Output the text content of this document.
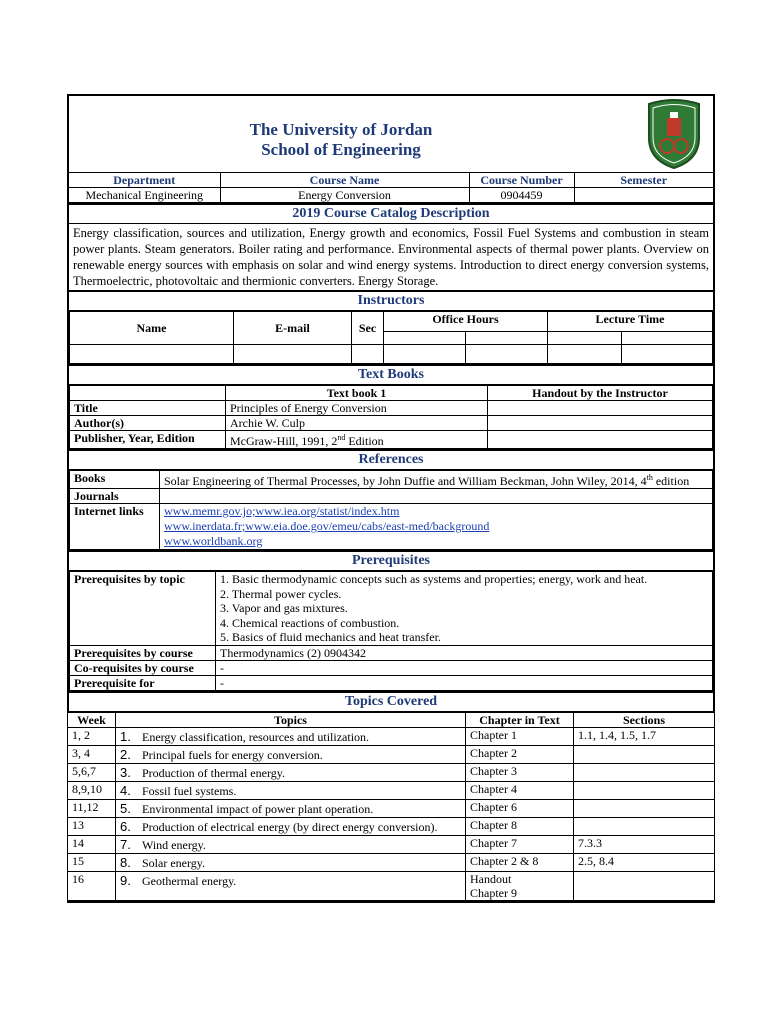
The University of Jordan
School of Engineering
Department	Course Name	Course Number	Semester
Mechanical Engineering	Energy Conversion	0904459	
2019 Course Catalog Description
Energy classification, sources and utilization, Energy growth and economics, Fossil Fuel Systems and combustion in steam power plants. Steam generators. Boiler rating and performance. Environmental aspects of thermal power plants. Overview on renewable energy sources with emphasis on solar and wind energy systems. Introduction to direct energy conversion systems, Thermoelectric, photovoltaic and thermionic converters. Energy Storage.
Instructors
Name	E-mail	Sec	Office Hours		Lecture Time	

Text Books
	Text book 1	Handout by the Instructor
Title	Principles of Energy Conversion	
Author(s)	Archie W. Culp	
Publisher, Year, Edition	McGraw-Hill, 1991, 2nd Edition	
References
Books	Solar Engineering of Thermal Processes, by John Duffie and William Beckman, John Wiley, 2014, 4th edition
Journals	
Internet links	www.memr.gov.jo;www.iea.org/statist/index.htm
www.inerdata.fr;www.eia.doe.gov/emeu/cabs/east-med/background
www.worldbank.org
Prerequisites
Prerequisites by topic	1. Basic thermodynamic concepts such as systems and properties; energy, work and heat.
2. Thermal power cycles.
3. Vapor and gas mixtures.
4. Chemical reactions of combustion.
5. Basics of fluid mechanics and heat transfer.

Prerequisites by course	Thermodynamics (2) 0904342
Co-requisites by course	-
Prerequisite for	-
Topics Covered
Week	Topics	Chapter in Text	Sections
1, 2	1. Energy classification, resources and utilization.	Chapter 1	1.1, 1.4, 1.5, 1.7
3, 4	2. Principal fuels for energy conversion.	Chapter 2	

5,6,7	3. Production of thermal energy.	Chapter 3	

8,9,10	4. Fossil fuel systems.	Chapter 4	

11,12	5. Environmental impact of power plant operation.	Chapter 6	

13	6. Production of electrical energy (by direct energy conversion).	Chapter 8	

14	7. Wind energy.	Chapter 7	7.3.3
15	8. Solar energy.	Chapter 2 & 8	2.5, 8.4
16	9. Geothermal energy.	Handout
Chapter 9	
